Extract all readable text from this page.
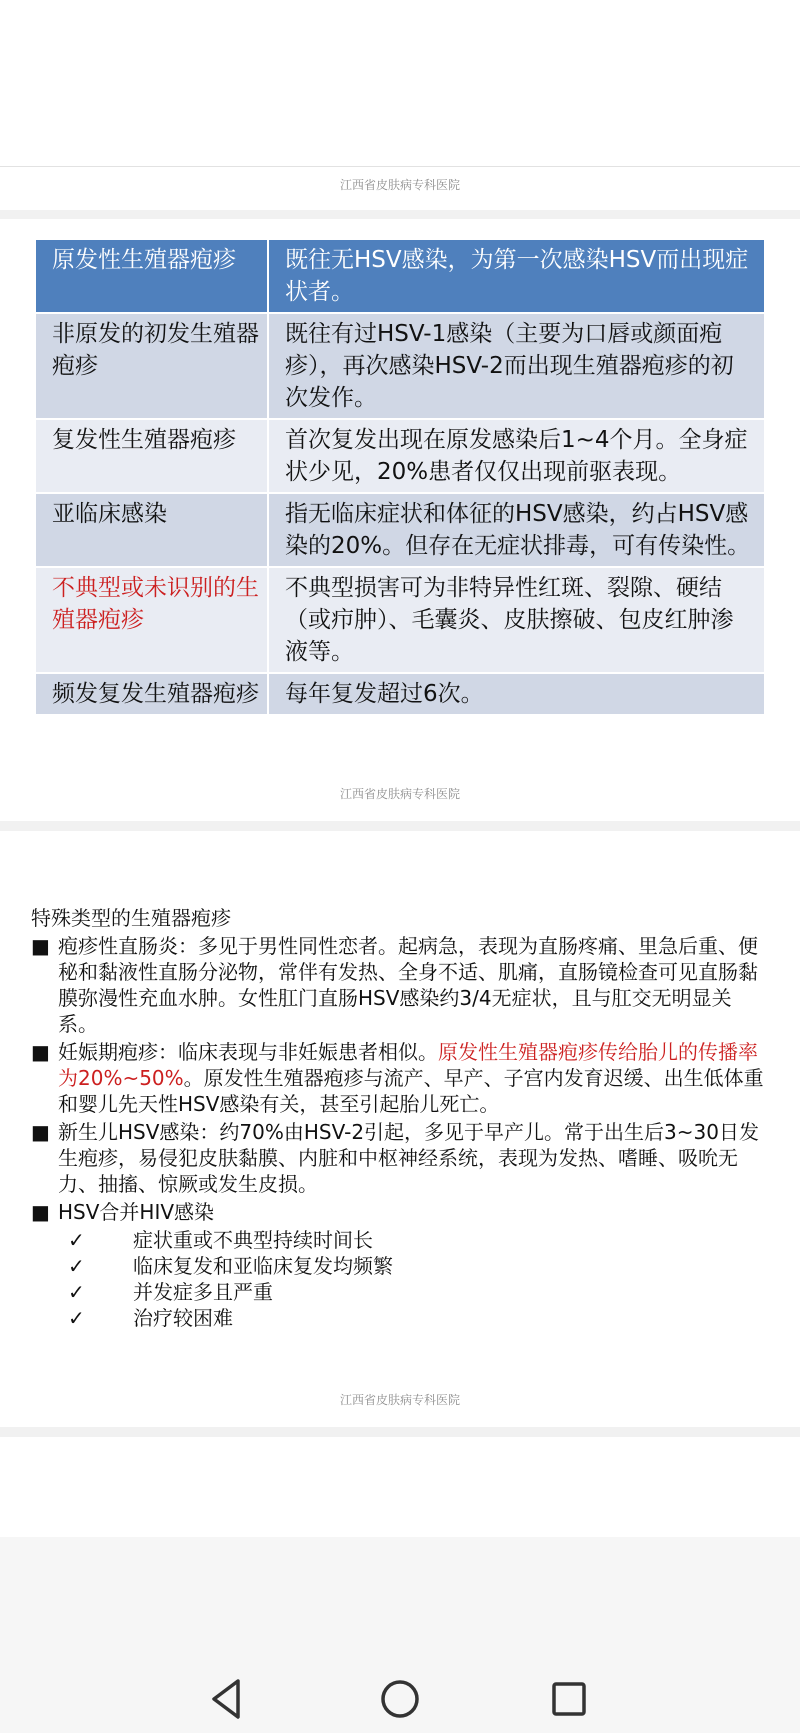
江西省皮肤病专科医院
原发性生殖器疱疹	既往无HSV感染，为第一次感染HSV而出现症状者。
非原发的初发生殖器疱疹	既往有过HSV-1感染（主要为口唇或颜面疱疹），再次感染HSV-2而出现生殖器疱疹的初次发作。
复发性生殖器疱疹	首次复发出现在原发感染后1~4个月。全身症状少见，20%患者仅仅出现前驱表现。
亚临床感染	指无临床症状和体征的HSV感染，约占HSV感染的20%。但存在无症状排毒，可有传染性。
不典型或未识别的生殖器疱疹	不典型损害可为非特异性红斑、裂隙、硬结（或疖肿）、毛囊炎、皮肤擦破、包皮红肿渗液等。
频发复发生殖器疱疹	每年复发超过6次。
江西省皮肤病专科医院
特殊类型的生殖器疱疹
■ 疱疹性直肠炎：多见于男性同性恋者。起病急，表现为直肠疼痛、里急后重、便秘和黏液性直肠分泌物，常伴有发热、全身不适、肌痛，直肠镜检查可见直肠黏膜弥漫性充血水肿。女性肛门直肠HSV感染约3/4无症状，且与肛交无明显关系。
■ 妊娠期疱疹：临床表现与非妊娠患者相似。原发性生殖器疱疹传给胎儿的传播率为20%~50%。原发性生殖器疱疹与流产、早产、子宫内发育迟缓、出生低体重和婴儿先天性HSV感染有关，甚至引起胎儿死亡。
■ 新生儿HSV感染：约70%由HSV-2引起，多见于早产儿。常于出生后3~30日发生疱疹，易侵犯皮肤黏膜、内脏和中枢神经系统，表现为发热、嗜睡、吸吮无力、抽搐、惊厥或发生皮损。
■ HSV合并HIV感染
✓ 症状重或不典型持续时间长
✓ 临床复发和亚临床复发均频繁
✓ 并发症多且严重
✓ 治疗较困难
江西省皮肤病专科医院
